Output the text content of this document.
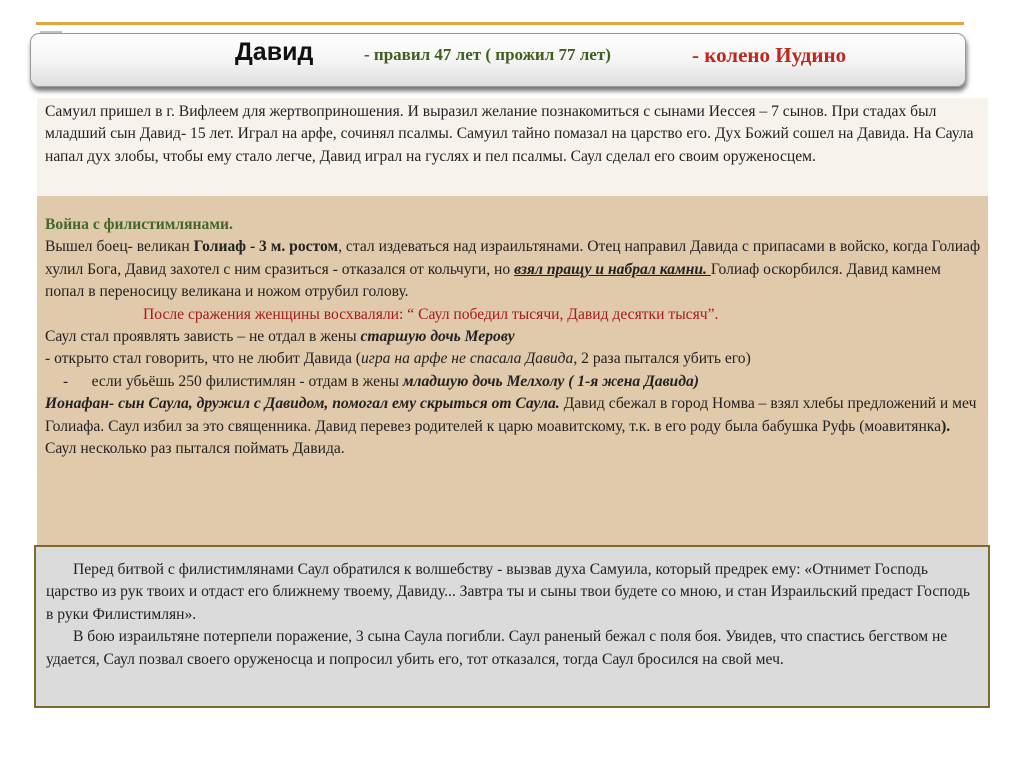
Давид	- правил 47 лет ( прожил 77 лет)	- колено Иудино

Самуил пришел в г. Вифлеем для жертвоприношения. И выразил желание познакомиться с сынами Иессея – 7 сынов. При стадах был младший сын Давид- 15 лет. Играл на арфе, сочинял псалмы. Самуил тайно помазал на царство его. Дух Божий сошел на Давида. На Саула напал дух злобы, чтобы ему стало легче, Давид играл на гуслях и пел псалмы. Саул сделал его своим оруженосцем.

Война с филистимлянами.

Вышел боец- великан Голиаф - 3 м. ростом, стал издеваться над израильтянами. Отец направил Давида с припасами в войско, когда Голиаф хулил Бога, Давид захотел с ним сразиться - отказался от кольчуги, но взял пращу и набрал камни. Голиаф оскорбился. Давид камнем попал в переносицу великана и ножом отрубил голову.

После сражения женщины восхваляли: “ Саул победил тысячи, Давид десятки тысяч”.

Саул стал проявлять зависть – не отдал в жены старшую дочь Мерову

- открыто стал говорить, что не любит Давида (игра на арфе не спасала Давида, 2 раза пытался убить его)

- если убьёшь 250 филистимлян - отдам в жены младшую дочь Мелхолу ( 1-я жена Давида)

Ионафан- сын Саула, дружил с Давидом, помогал ему скрыться от Саула. Давид сбежал в город Номва – взял хлебы предложений и меч Голиафа. Саул избил за это священника. Давид перевез родителей к царю моавитскому, т.к. в его роду была бабушка Руфь (моавитянка).

Саул несколько раз пытался поймать Давида.

Перед битвой с филистимлянами Саул обратился к волшебству - вызвав духа Самуила, который предрек ему: «Отнимет Господь царство из рук твоих и отдаст его ближнему твоему, Давиду... Завтра ты и сыны твои будете со мною, и стан Израильский предаст Господь в руки Филистимлян».

В бою израильтяне потерпели поражение, 3 сына Саула погибли. Саул раненый бежал с поля боя. Увидев, что спастись бегством не удается, Саул позвал своего оруженосца и попросил убить его, тот отказался, тогда Саул бросился на свой меч.
